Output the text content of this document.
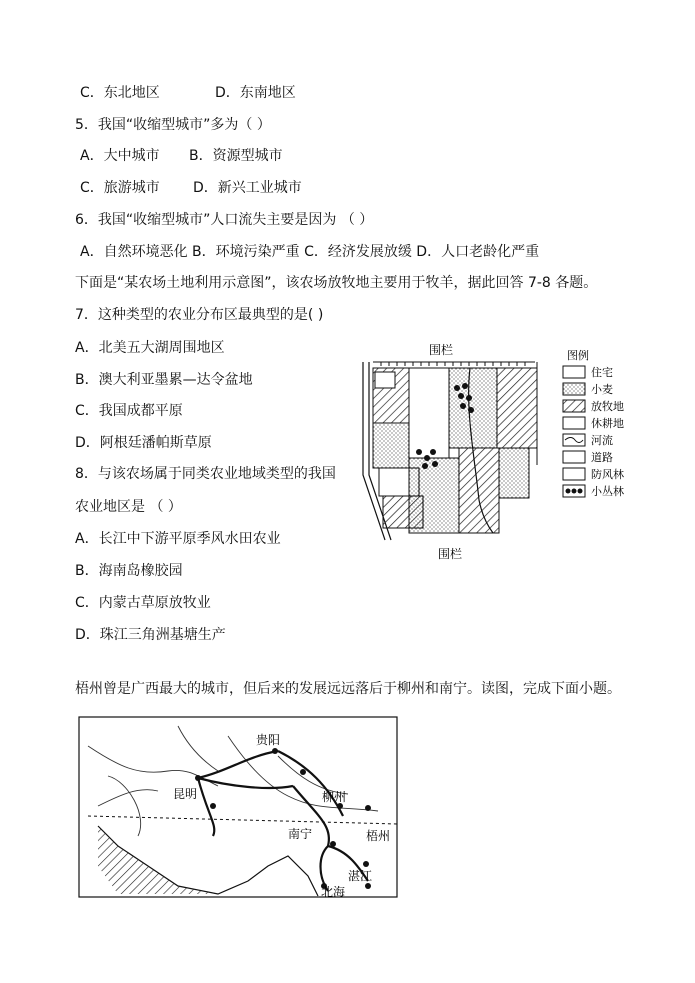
C．东北地区	D．东南地区
5．我国“收缩型城市”多为（ ）
A．大中城市 B．资源型城市
C．旅游城市 D．新兴工业城市
6．我国“收缩型城市”人口流失主要是因为 （ ）
A．自然环境恶化 B．环境污染严重 C．经济发展放缓 D．人口老龄化严重
下面是“某农场土地利用示意图”，该农场放牧地主要用于牧羊，据此回答 7-8 各题。
7．这种类型的农业分布区最典型的是( )
A．北美五大湖周围地区
B．澳大利亚墨累—达令盆地
C．我国成都平原
D．阿根廷潘帕斯草原
8．与该农场属于同类农业地域类型的我国
农业地区是 （ ）
A．长江中下游平原季风水田农业
B．海南岛橡胶园
C．内蒙古草原放牧业
D．珠江三角洲基塘生产
梧州曾是广西最大的城市，但后来的发展远远落后于柳州和南宁。读图，完成下面小题。
围栏
围栏
图例
住宅
小麦
放牧地
休耕地
河流
道路
防风林
小丛林
贵阳
昆明	柳州
南宁	梧州
湛江
北海
